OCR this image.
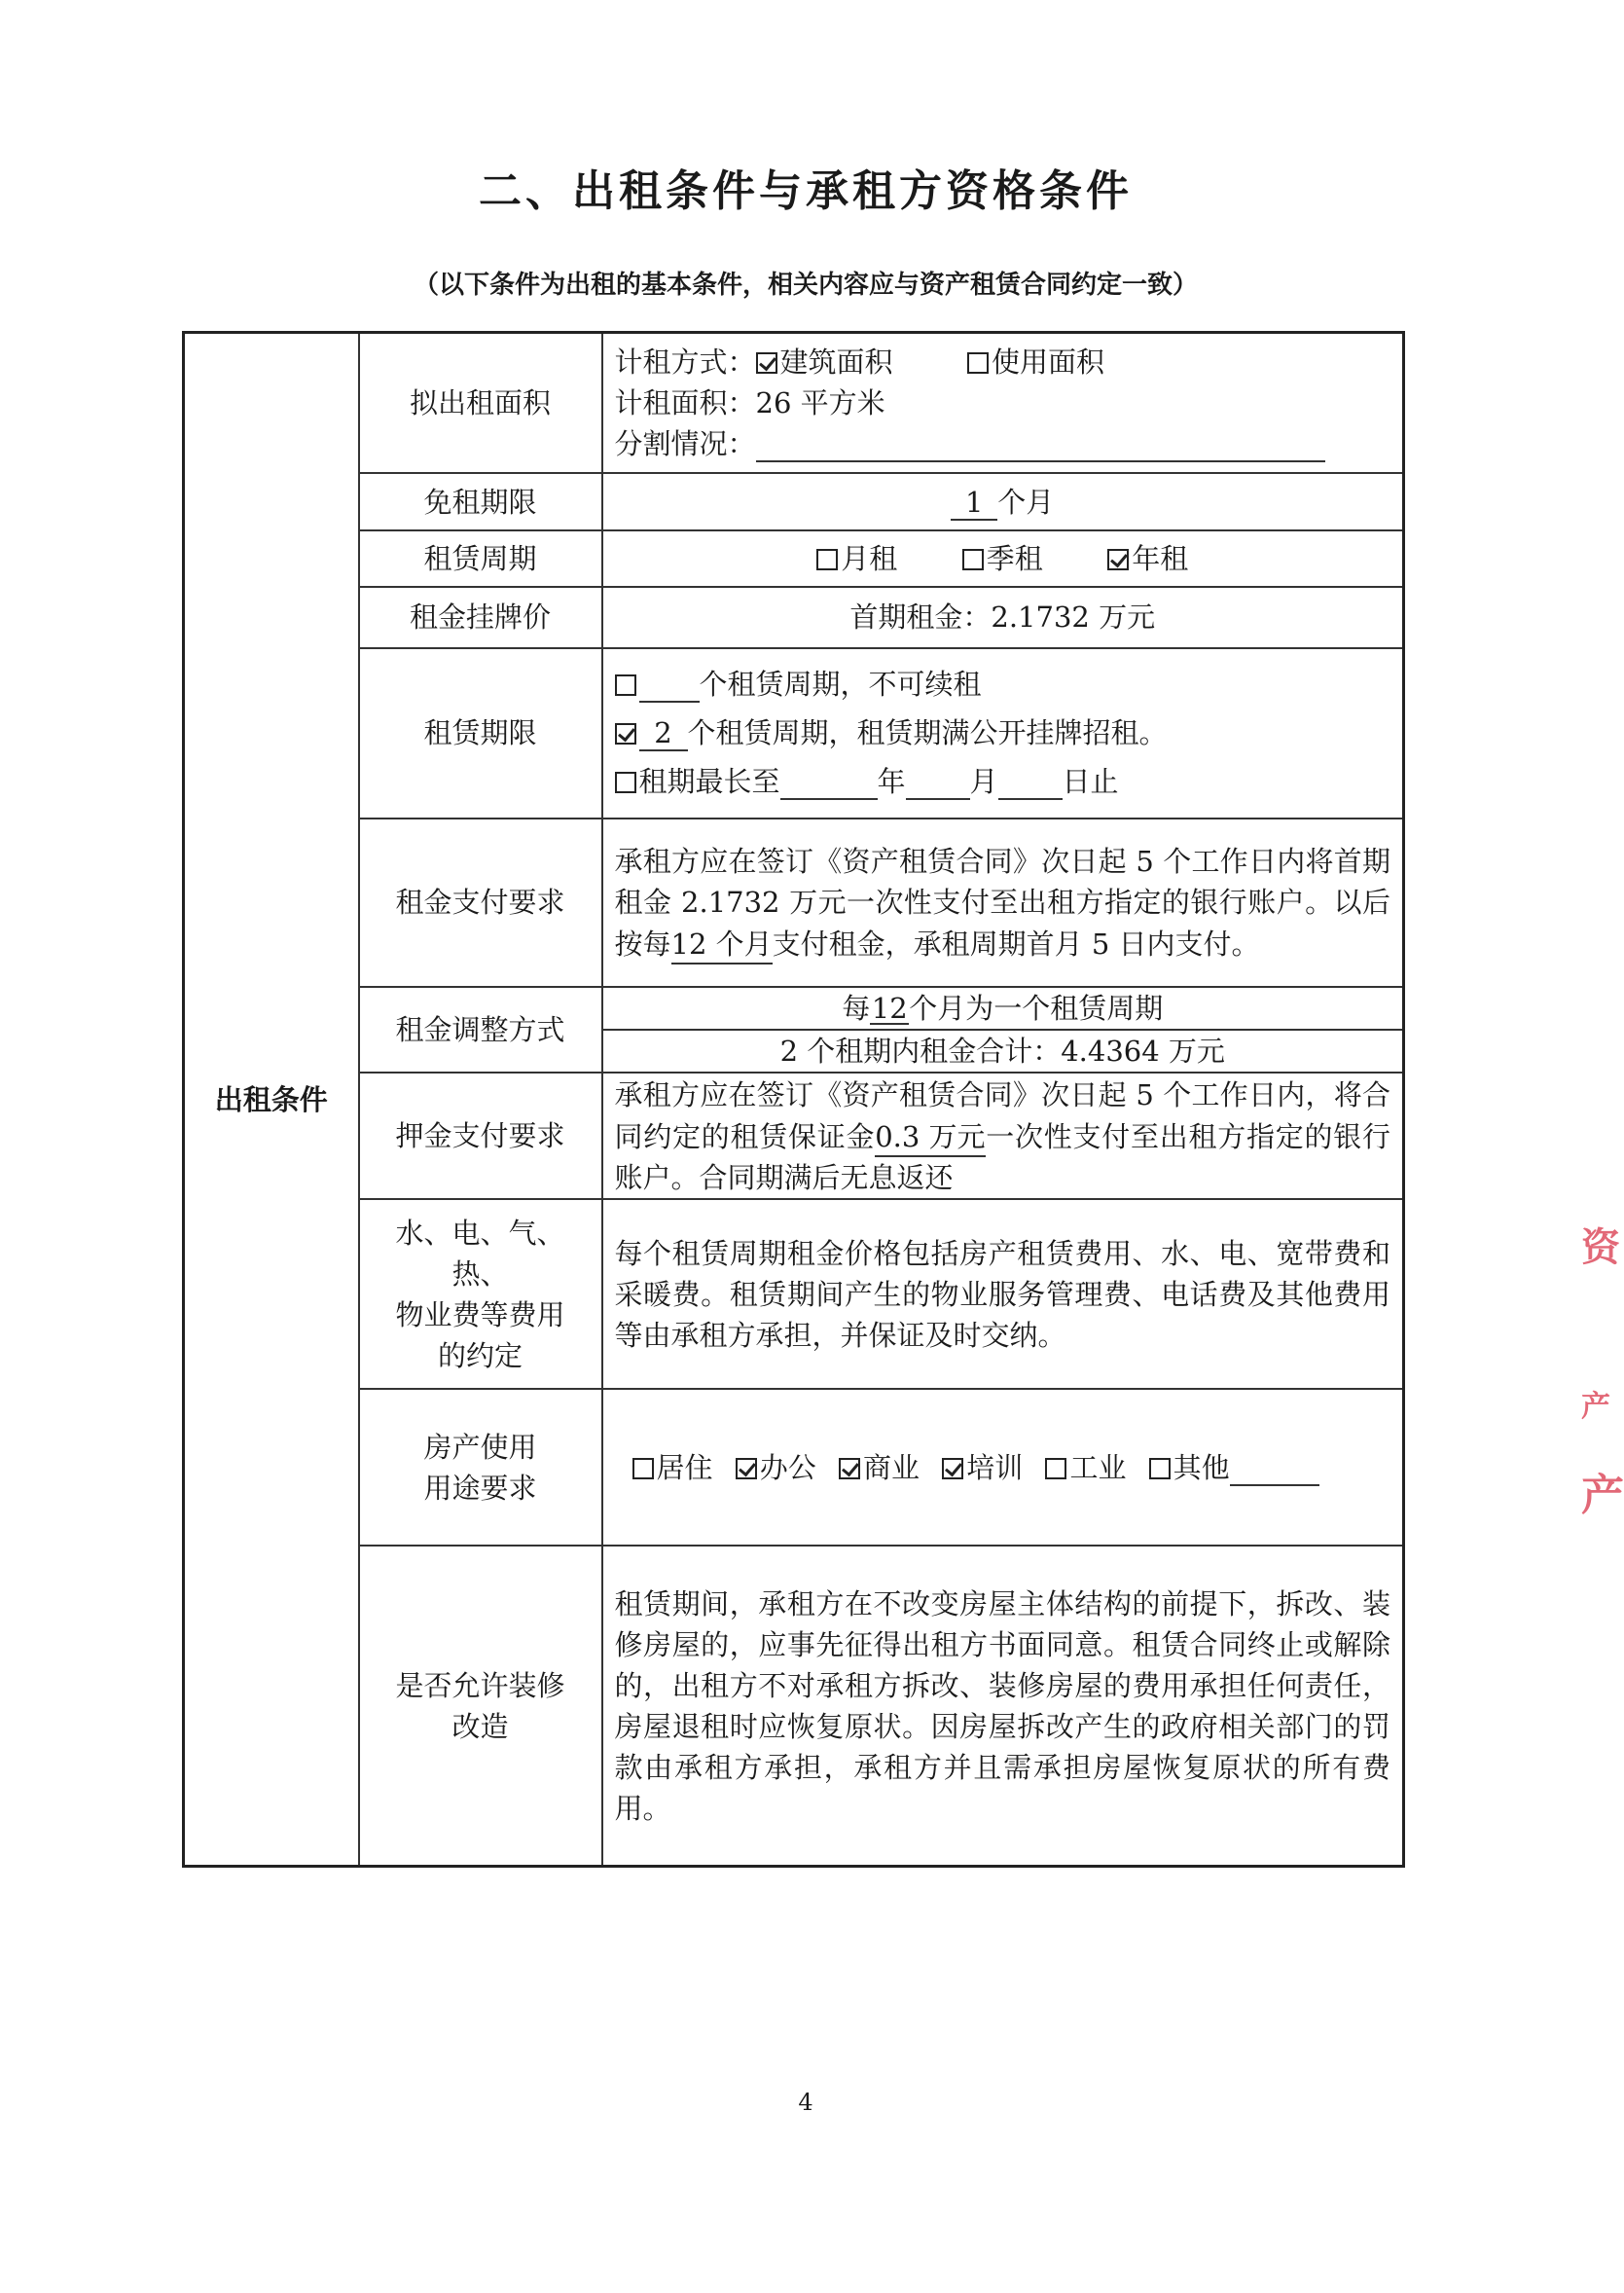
二、出租条件与承租方资格条件
（以下条件为出租的基本条件，相关内容应与资产租赁合同约定一致）
出租条件	拟出租面积	计租方式： 建筑面积 使用面积
计租面积：26 平方米
分割情况：

	免租期限	1 个月
	租赁周期	月租 季租 年租
	租金挂牌价	首期租金：2.1732 万元
	租赁期限	个租赁周期，不可续租
2 个租赁周期，租赁期满公开挂牌招租。
租期最长至 年 月 日止

	租金支付要求	承租方应在签订《资产租赁合同》次日起 5 个工作日内将首期租金 2.1732 万元一次性支付至出租方指定的银行账户。以后按每12 个月支付租金，承租周期首月 5 日内支付。
	租金调整方式	每12个月为一个租赁周期
2 个租期内租金合计：4.4364 万元

	押金支付要求	承租方应在签订《资产租赁合同》次日起 5 个工作日内，将合同约定的租赁保证金0.3 万元一次性支付至出租方指定的银行账户。合同期满后无息返还

	水、电、气、热、
物业费等费用
的约定	每个租赁周期租金价格包括房产租赁费用、水、电、宽带费和采暖费。租赁期间产生的物业服务管理费、电话费及其他费用等由承租方承担，并保证及时交纳。

	房产使用
用途要求	居住 办公 商业 培训 工业 其他

	是否允许装修
改造	租赁期间，承租方在不改变房屋主体结构的前提下，拆改、装修房屋的，应事先征得出租方书面同意。租赁合同终止或解除的，出租方不对承租方拆改、装修房屋的费用承担任何责任，房屋退租时应恢复原状。因房屋拆改产生的政府相关部门的罚款由承租方承担，承租方并且需承担房屋恢复原状的所有费用。
4
资
产
产
